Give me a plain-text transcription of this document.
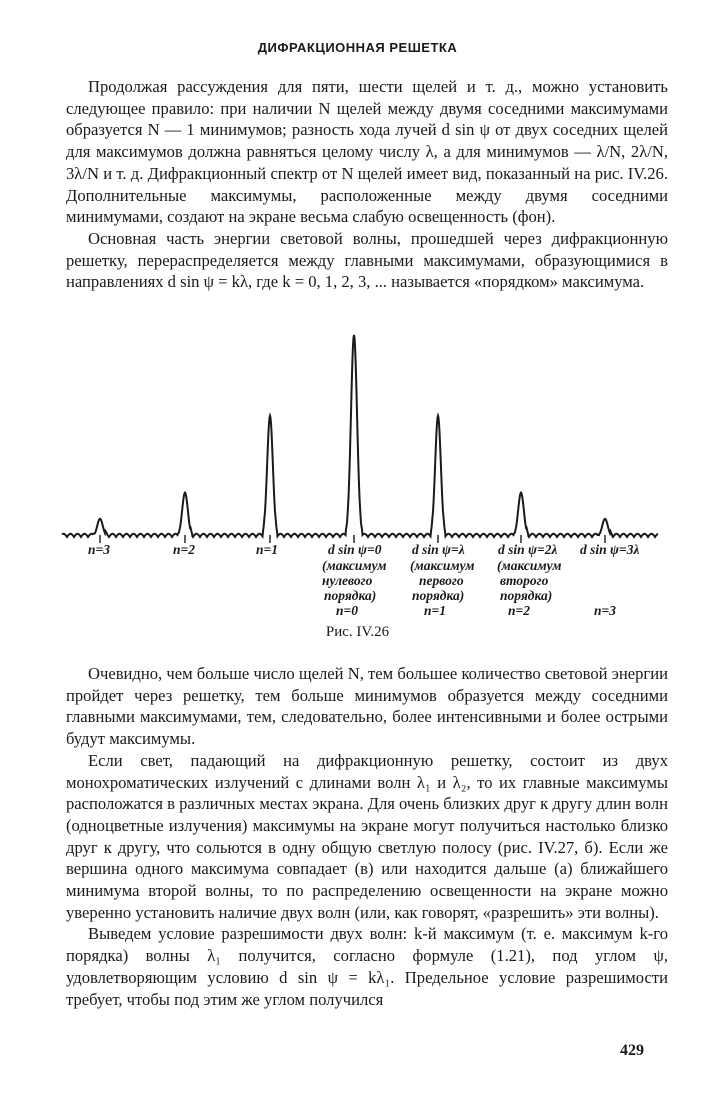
ДИФРАКЦИОННАЯ РЕШЕТКА

Продолжая рассуждения для пяти, шести щелей и т. д., можно установить следующее правило: при наличии N щелей между двумя соседними максимумами образуется N — 1 минимумов; разность хода лучей d sin ψ от двух соседних щелей для максимумов должна равняться целому числу λ, а для минимумов — λ/N, 2λ/N, 3λ/N и т. д. Дифракционный спектр от N щелей имеет вид, показанный на рис. IV.26. Дополнительные максимумы, расположенные между двумя соседними минимумами, создают на экране весьма слабую освещенность (фон).

Основная часть энергии световой волны, прошедшей через дифракционную решетку, перераспределяется между главными максимумами, образующимися в направлениях d sin ψ = kλ, где k = 0, 1, 2, 3, ... называется «порядком» максимума.

n=3	n=2	n=1	d sin ψ=0
(максимум
нулевого
порядка)
n=0
d sin ψ=λ
(максимум
первого
порядка)
n=1
d sin ψ=2λ
(максимум
второго
порядка)
n=2
d sin ψ=3λ
n=3
Рис. IV.26

Очевидно, чем больше число щелей N, тем большее количество световой энергии пройдет через решетку, тем больше минимумов образуется между соседними главными максимумами, тем, следовательно, более интенсивными и более острыми будут максимумы.

Если свет, падающий на дифракционную решетку, состоит из двух монохроматических излучений с длинами волн λ₁ и λ₂, то их главные максимумы расположатся в различных местах экрана. Для очень близких друг к другу длин волн (одноцветные излучения) максимумы на экране могут получиться настолько близко друг к другу, что сольются в одну общую светлую полосу (рис. IV.27, б). Если же вершина одного максимума совпадает (в) или находится дальше (а) ближайшего минимума второй волны, то по распределению освещенности на экране можно уверенно установить наличие двух волн (или, как говорят, «разрешить» эти волны).

Выведем условие разрешимости двух волн: k-й максимум (т. е. максимум k-го порядка) волны λ₁ получится, согласно формуле (1.21), под углом ψ, удовлетворяющим условию d sin ψ = kλ₁. Предельное условие разрешимости требует, чтобы под этим же углом получился

429
